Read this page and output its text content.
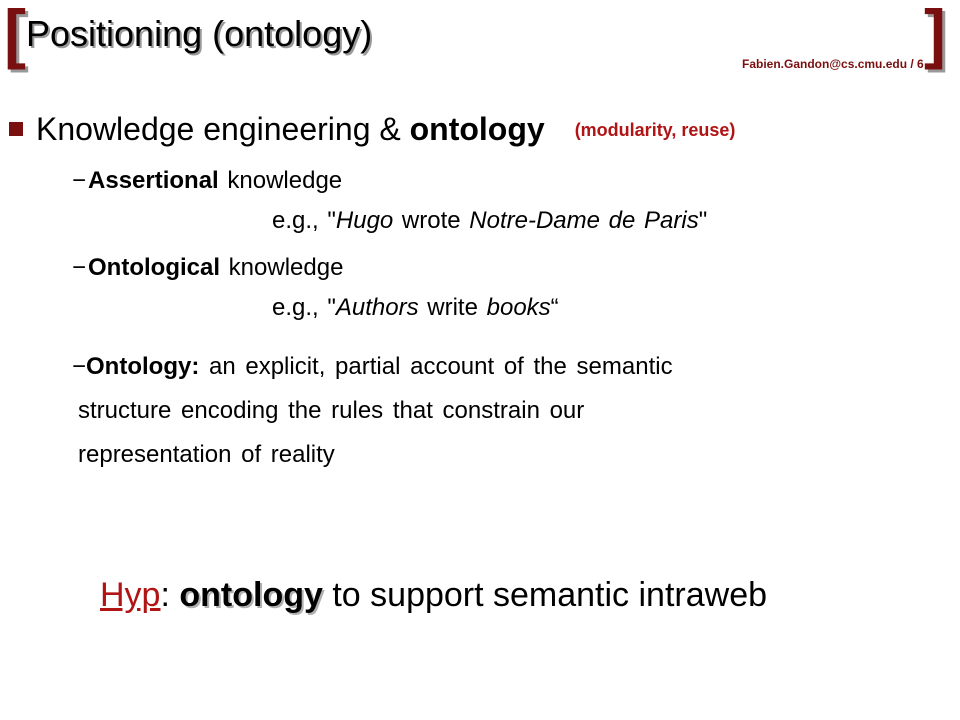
[ Positioning (ontology)	]
Fabien.Gandon@cs.cmu.edu / 6
Knowledge engineering & ontology (modularity, reuse)
−Assertional knowledge
e.g., "Hugo wrote Notre-Dame de Paris"
−Ontological knowledge
e.g., "Authors write books“
−Ontology: an explicit, partial account of the semantic
structure encoding the rules that constrain our
representation of reality
Hyp: ontology to support semantic intraweb
